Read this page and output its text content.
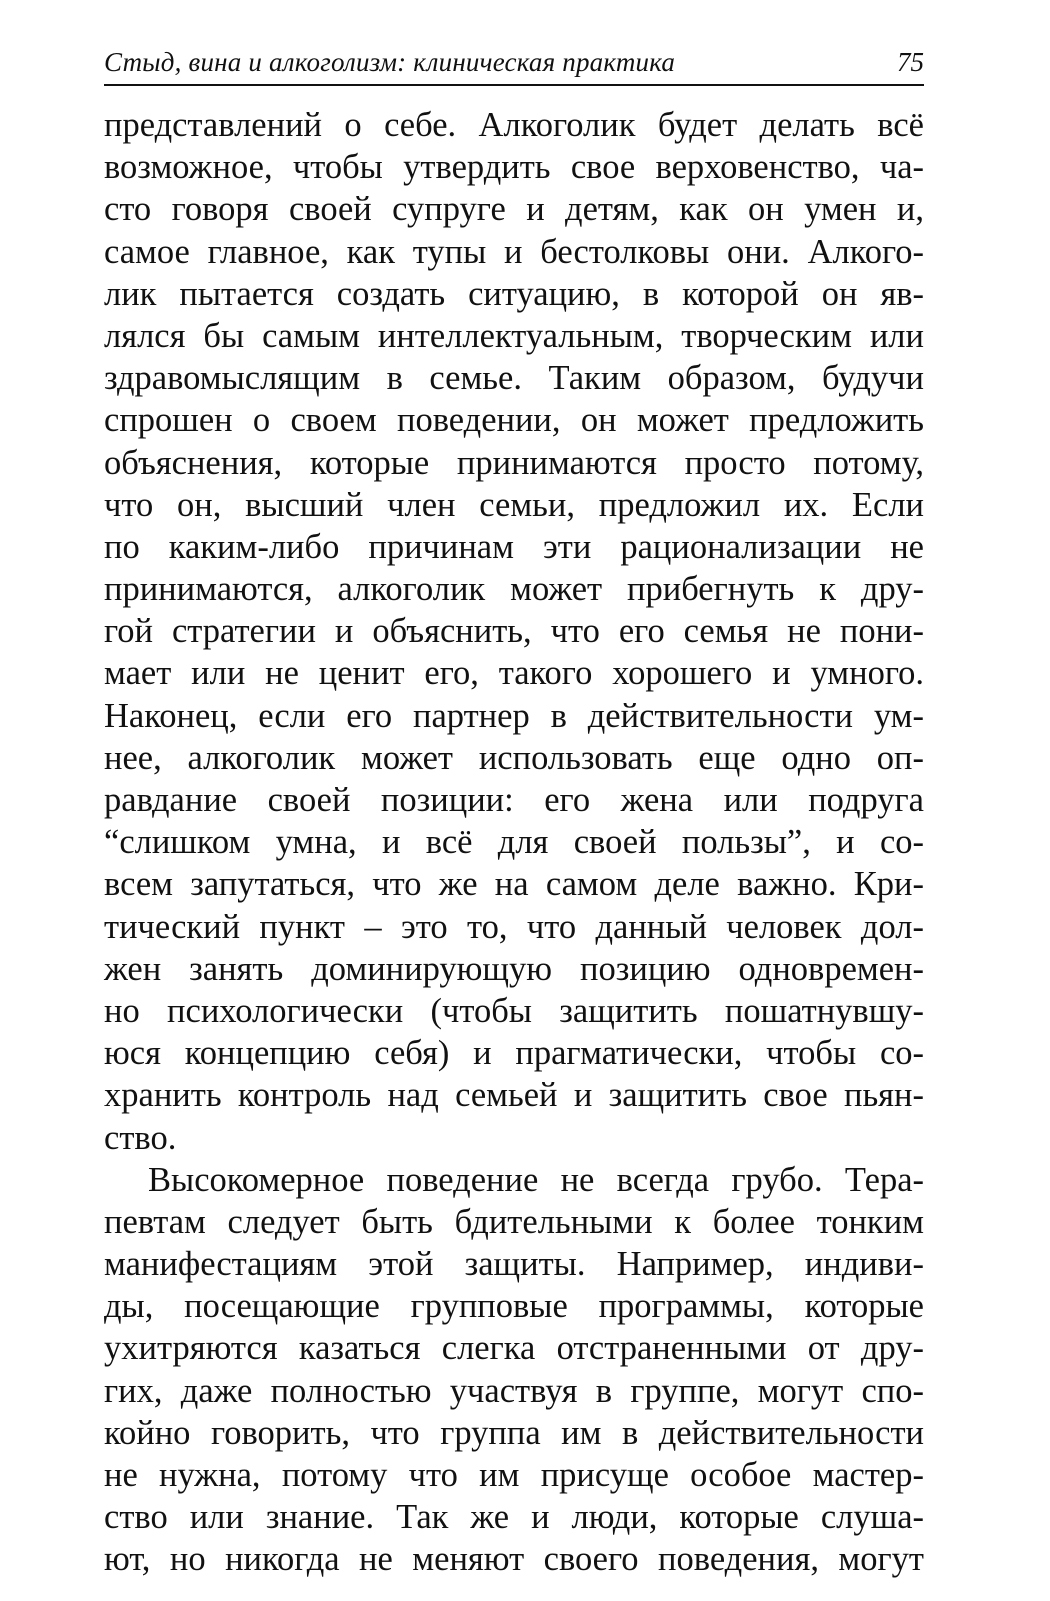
Стыд, вина и алкоголизм: клиническая практика	75
представлений о себе. Алкоголик будет делать всё
возможное, чтобы утвердить свое верховенство, ча-
сто говоря своей супруге и детям, как он умен и,
самое главное, как тупы и бестолковы они. Алкого-
лик пытается создать ситуацию, в которой он яв-
лялся бы самым интеллектуальным, творческим или
здравомыслящим в семье. Таким образом, будучи
спрошен о своем поведении, он может предложить
объяснения, которые принимаются просто потому,
что он, высший член семьи, предложил их. Если
по каким-либо причинам эти рационализации не
принимаются, алкоголик может прибегнуть к дру-
гой стратегии и объяснить, что его семья не пони-
мает или не ценит его, такого хорошего и умного.
Наконец, если его партнер в действительности ум-
нее, алкоголик может использовать еще одно оп-
равдание своей позиции: его жена или подруга
“слишком умна, и всё для своей пользы”, и со-
всем запутаться, что же на самом деле важно. Кри-
тический пункт – это то, что данный человек дол-
жен занять доминирующую позицию одновремен-
но психологически (чтобы защитить пошатнувшу-
юся концепцию себя) и прагматически, чтобы со-
хранить контроль над семьей и защитить свое пьян-
ство.
Высокомерное поведение не всегда грубо. Тера-
певтам следует быть бдительными к более тонким
манифестациям этой защиты. Например, индиви-
ды, посещающие групповые программы, которые
ухитряются казаться слегка отстраненными от дру-
гих, даже полностью участвуя в группе, могут спо-
койно говорить, что группа им в действительности
не нужна, потому что им присуще особое мастер-
ство или знание. Так же и люди, которые слуша-
ют, но никогда не меняют своего поведения, могут
